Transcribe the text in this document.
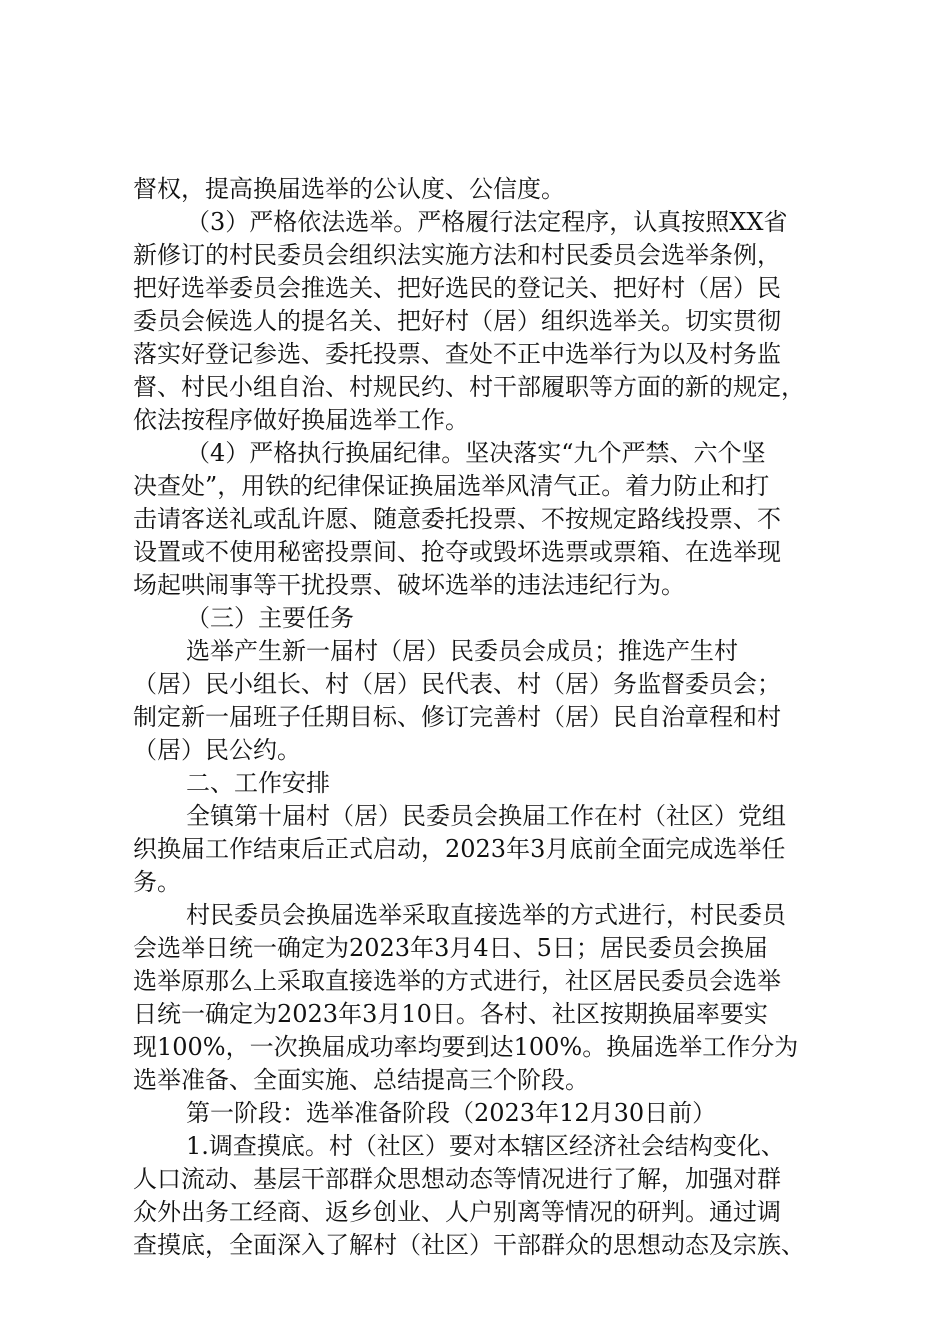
督权，提高换届选举的公认度、公信度。
（3）严格依法选举。严格履行法定程序，认真按照XX省
新修订的村民委员会组织法实施方法和村民委员会选举条例，
把好选举委员会推选关、把好选民的登记关、把好村（居）民
委员会候选人的提名关、把好村（居）组织选举关。切实贯彻
落实好登记参选、委托投票、查处不正中选举行为以及村务监
督、村民小组自治、村规民约、村干部履职等方面的新的规定，
依法按程序做好换届选举工作。
（4）严格执行换届纪律。坚决落实“九个严禁、六个坚
决查处”，用铁的纪律保证换届选举风清气正。着力防止和打
击请客送礼或乱许愿、随意委托投票、不按规定路线投票、不
设置或不使用秘密投票间、抢夺或毁坏选票或票箱、在选举现
场起哄闹事等干扰投票、破坏选举的违法违纪行为。
（三）主要任务
选举产生新一届村（居）民委员会成员；推选产生村
（居）民小组长、村（居）民代表、村（居）务监督委员会；
制定新一届班子任期目标、修订完善村（居）民自治章程和村
（居）民公约。
二、工作安排
全镇第十届村（居）民委员会换届工作在村（社区）党组
织换届工作结束后正式启动，2023年3月底前全面完成选举任
务。
村民委员会换届选举采取直接选举的方式进行，村民委员
会选举日统一确定为2023年3月4日、5日；居民委员会换届
选举原那么上采取直接选举的方式进行，社区居民委员会选举
日统一确定为2023年3月10日。各村、社区按期换届率要实
现100%，一次换届成功率均要到达100%。换届选举工作分为
选举准备、全面实施、总结提高三个阶段。
第一阶段：选举准备阶段（2023年12月30日前）
1.调查摸底。村（社区）要对本辖区经济社会结构变化、
人口流动、基层干部群众思想动态等情况进行了解，加强对群
众外出务工经商、返乡创业、人户别离等情况的研判。通过调
查摸底，全面深入了解村（社区）干部群众的思想动态及宗族、
